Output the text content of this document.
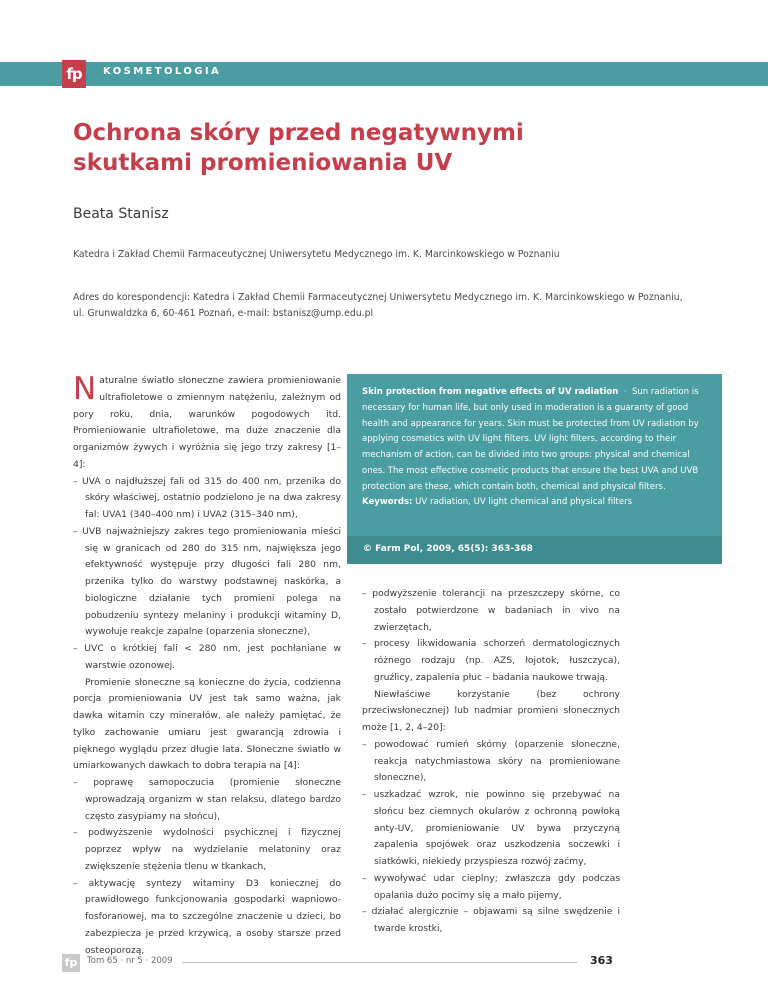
fp	KOSMETOLOGIA
Ochrona skóry przed negatywnymi skutkami promieniowania UV
Beata Stanisz
Katedra i Zakład Chemii Farmaceutycznej Uniwersytetu Medycznego im. K. Marcinkowskiego w Poznaniu
Adres do korespondencji: Katedra i Zakład Chemii Farmaceutycznej Uniwersytetu Medycznego im. K. Marcinkowskiego w Poznaniu,
ul. Grunwaldzka 6, 60-461 Poznań, e-mail: bstanisz@ump.edu.pl

Naturalne światło słoneczne zawiera promieniowanie ultrafioletowe o zmiennym natężeniu, zależnym od pory roku, dnia, warunków pogodowych itd. Promieniowanie ultrafioletowe, ma duże znaczenie dla organizmów żywych i wyróżnia się jego trzy zakresy [1–4]:

– UVA o najdłuższej fali od 315 do 400 nm, przenika do skóry właściwej, ostatnio podzielono je na dwa zakresy fal: UVA1 (340–400 nm) i UVA2 (315–340 nm),

– UVB najważniejszy zakres tego promieniowania mieści się w granicach od 280 do 315 nm, największa jego efektywność występuje przy długości fali 280 nm, przenika tylko do warstwy podstawnej naskórka, a biologiczne działanie tych promieni polega na pobudzeniu syntezy melaniny i produkcji witaminy D, wywołuje reakcje zapalne (oparzenia słoneczne),

– UVC o krótkiej fali < 280 nm, jest pochłaniane w warstwie ozonowej.

Promienie słoneczne są konieczne do życia, codzienna porcja promieniowania UV jest tak samo ważna, jak dawka witamin czy minerałów, ale należy pamiętać, że tylko zachowanie umiaru jest gwarancją zdrowia i pięknego wyglądu przez długie lata. Słoneczne światło w umiarkowanych dawkach to dobra terapia na [4]:

– poprawę samopoczucia (promienie słoneczne wprowadzają organizm w stan relaksu, dlatego bardzo często zasypiamy na słońcu),

– podwyższenie wydolności psychicznej i fizycznej poprzez wpływ na wydzielanie melatoniny oraz zwiększenie stężenia tlenu w tkankach,

– aktywację syntezy witaminy D3 koniecznej do prawidłowego funkcjonowania gospodarki wapniowo-fosforanowej, ma to szczególne znaczenie u dzieci, bo zabezpiecza je przed krzywicą, a osoby starsze przed osteoporozą,

Skin protection from negative effects of UV radiation · Sun radiation is necessary for human life, but only used in moderation is a guaranty of good health and appearance for years. Skin must be protected from UV radiation by applying cosmetics with UV light filters. UV light filters, according to their mechanism of action, can be divided into two groups: physical and chemical ones. The most effective cosmetic products that ensure the best UVA and UVB protection are these, which contain both, chemical and physical filters.
Keywords: UV radiation, UV light chemical and physical filters
© Farm Pol, 2009, 65(5): 363-368

– podwyższenie tolerancji na przeszczepy skórne, co zostało potwierdzone w badaniach in vivo na zwierzętach,

– procesy likwidowania schorzeń dermatologicznych różnego rodzaju (np. AZS, łojotok, łuszczyca), gruźlicy, zapalenia płuc – badania naukowe trwają.

Niewłaściwe korzystanie (bez ochrony przeciwsłonecznej) lub nadmiar promieni słonecznych może [1, 2, 4–20]:

– powodować rumień skórny (oparzenie słoneczne, reakcja natychmiastowa skóry na promieniowane słoneczne),

– uszkadzać wzrok, nie powinno się przebywać na słońcu bez ciemnych okularów z ochronną powłoką anty-UV, promieniowanie UV bywa przyczyną zapalenia spojówek oraz uszkodzenia soczewki i siatkówki, niekiedy przyspiesza rozwój zaćmy,

– wywoływać udar cieplny; zwłaszcza gdy podczas opalania dużo pocimy się a mało pijemy,

– działać alergicznie – objawami są silne swędzenie i twarde krostki,

fp	Tom 65 · nr 5 · 2009	363
